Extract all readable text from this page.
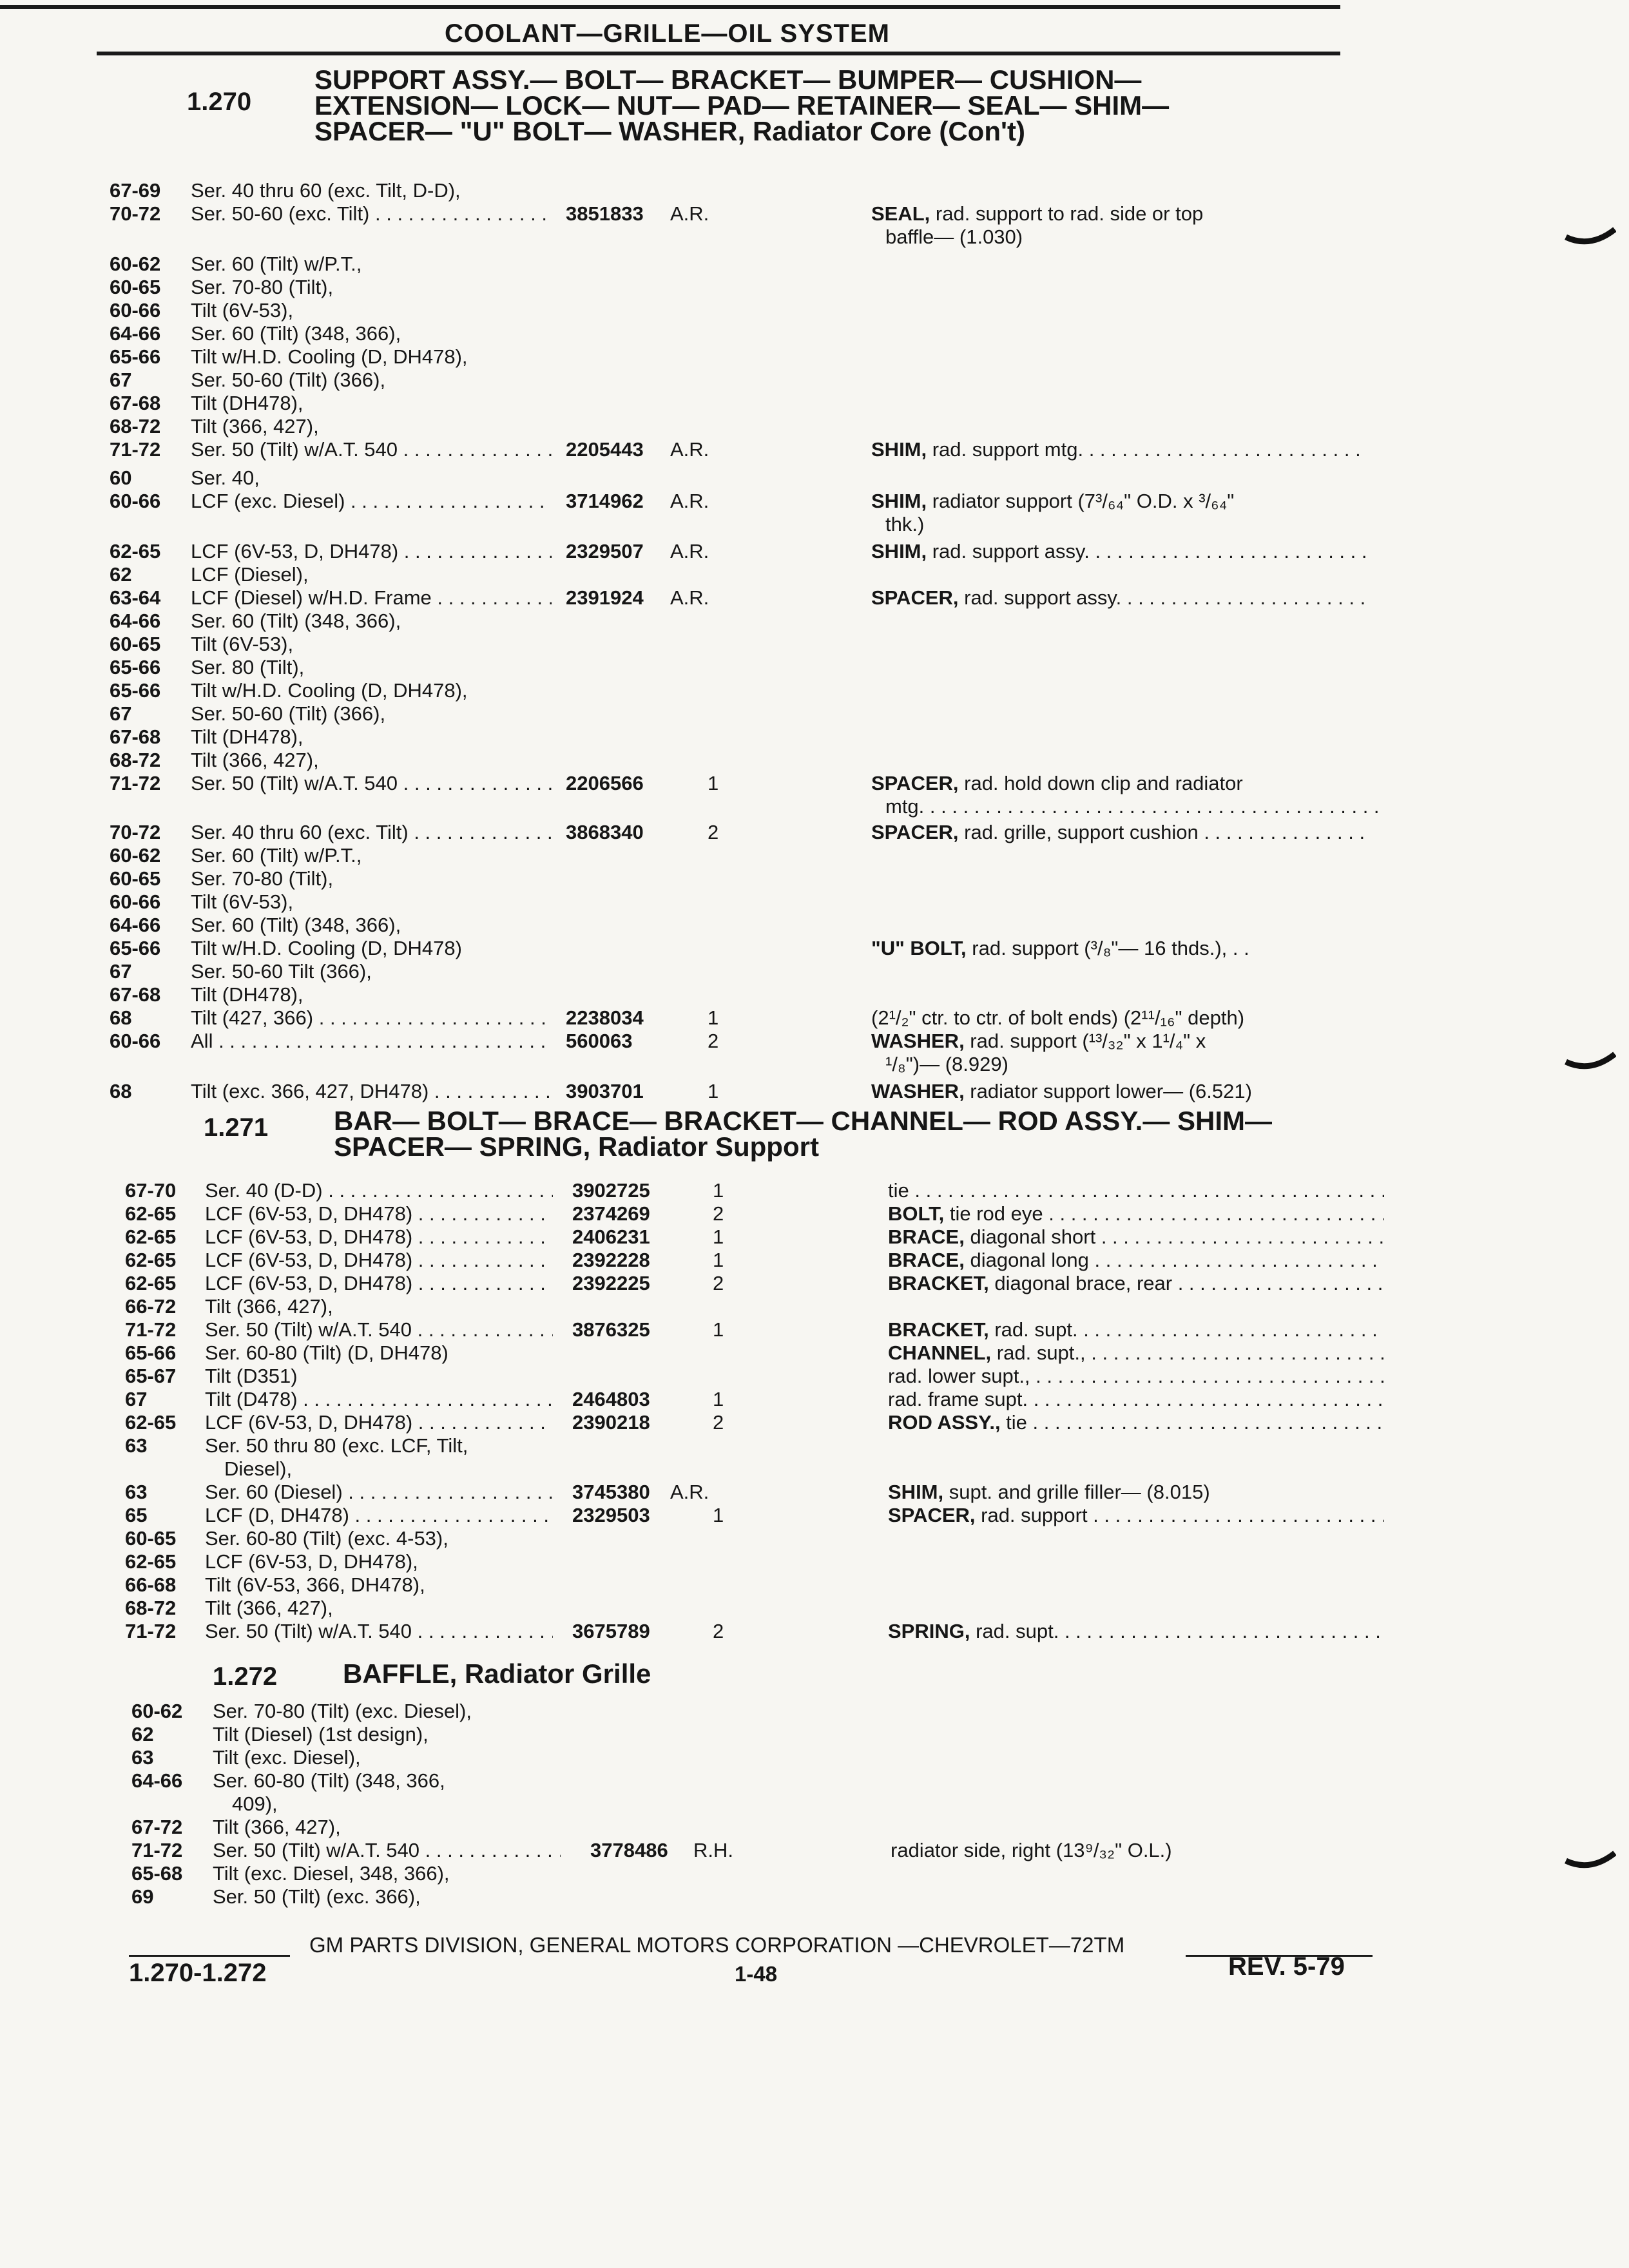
COOLANT—GRILLE—OIL SYSTEM
1.270
SUPPORT ASSY.— BOLT— BRACKET— BUMPER— CUSHION—
EXTENSION— LOCK— NUT— PAD— RETAINER— SEAL— SHIM—
SPACER— "U" BOLT— WASHER, Radiator Core (Con't)
1.271 BAR— BOLT— BRACE— BRACKET— CHANNEL— ROD ASSY.— SHIM—
SPACER— SPRING, Radiator Support
1.272 BAFFLE, Radiator Grille
67-69	Ser. 40 thru 60 (exc. Tilt, D-D),
70-72	Ser. 50-60 (exc. Tilt) . . .	3851833	A.R.	SEAL, rad. support to rad. side or top
baffle— (1.030)
60-62	Ser. 60 (Tilt) w/P.T.,
60-65	Ser. 70-80 (Tilt),
60-66	Tilt (6V-53),
64-66	Ser. 60 (Tilt) (348, 366),
65-66	Tilt w/H.D. Cooling (D, DH478),
67	Ser. 50-60 (Tilt) (366),
67-68	Tilt (DH478),
68-72	Tilt (366, 427),
71-72	Ser. 50 (Tilt) w/A.T. 540 . . .	2205443	A.R.	SHIM, rad. support mtg. . . .
60	Ser. 40,
60-66	LCF (exc. Diesel) . . .	3714962	A.R.	SHIM, radiator support (7³/₆₄" O.D. x ³/₆₄"
thk.)
62-65	LCF (6V-53, D, DH478) . . .	2329507	A.R.	SHIM, rad. support assy. . . .
62	LCF (Diesel),
63-64	LCF (Diesel) w/H.D. Frame . . .	2391924	A.R.	SPACER, rad. support assy. . . .
64-66	Ser. 60 (Tilt) (348, 366),
60-65	Tilt (6V-53),
65-66	Ser. 80 (Tilt),
65-66	Tilt w/H.D. Cooling (D, DH478),
67	Ser. 50-60 (Tilt) (366),
67-68	Tilt (DH478),
68-72	Tilt (366, 427),
71-72	Ser. 50 (Tilt) w/A.T. 540 . . .	2206566	1	SPACER, rad. hold down clip and radiator
mtg. . . .
70-72	Ser. 40 thru 60 (exc. Tilt) . . .	3868340	2	SPACER, rad. grille, support cushion . . .
60-62	Ser. 60 (Tilt) w/P.T.,
60-65	Ser. 70-80 (Tilt),
60-66	Tilt (6V-53),
64-66	Ser. 60 (Tilt) (348, 366),
65-66	Tilt w/H.D. Cooling (D, DH478)	"U" BOLT, rad. support (³/₈"— 16 thds.), . .
67	Ser. 50-60 Tilt (366),
67-68	Tilt (DH478),
68	Tilt (427, 366) . . .	2238034	1	(2¹/₂" ctr. to ctr. of bolt ends) (2¹¹/₁₆" depth)
60-66	All . . .	560063	2	WASHER, rad. support (¹³/₃₂" x 1¹/₄" x
¹/₈")— (8.929)
68	Tilt (exc. 366, 427, DH478) . . .	3903701	1	WASHER, radiator support lower— (6.521)
67-70	Ser. 40 (D-D) . . .	3902725	1	tie . . .
62-65	LCF (6V-53, D, DH478) . . .	2374269	2	BOLT, tie rod eye . . .
62-65	LCF (6V-53, D, DH478) . . .	2406231	1	BRACE, diagonal short . . .
62-65	LCF (6V-53, D, DH478) . . .	2392228	1	BRACE, diagonal long . . .
62-65	LCF (6V-53, D, DH478) . . .	2392225	2	BRACKET, diagonal brace, rear . . .
66-72	Tilt (366, 427),
71-72	Ser. 50 (Tilt) w/A.T. 540 . . .	3876325	1	BRACKET, rad. supt. . . .
65-66	Ser. 60-80 (Tilt) (D, DH478)	CHANNEL, rad. supt., . . .
65-67	Tilt (D351)	rad. lower supt., . . .
67	Tilt (D478) . . .	2464803	1	rad. frame supt. . . .
62-65	LCF (6V-53, D, DH478) . . .	2390218	2	ROD ASSY., tie . . .
63	Ser. 50 thru 80 (exc. LCF, Tilt,
Diesel),
63	Ser. 60 (Diesel) . . .	3745380	A.R.	SHIM, supt. and grille filler— (8.015)
65	LCF (D, DH478) . . .	2329503	1	SPACER, rad. support . . .
60-65	Ser. 60-80 (Tilt) (exc. 4-53),
62-65	LCF (6V-53, D, DH478),
66-68	Tilt (6V-53, 366, DH478),
68-72	Tilt (366, 427),
71-72	Ser. 50 (Tilt) w/A.T. 540 . . .	3675789	2	SPRING, rad. supt. . . .
60-62	Ser. 70-80 (Tilt) (exc. Diesel),
62	Tilt (Diesel) (1st design),
63	Tilt (exc. Diesel),
64-66	Ser. 60-80 (Tilt) (348, 366,
409),
67-72	Tilt (366, 427),
71-72	Ser. 50 (Tilt) w/A.T. 540 . . .	3778486	R.H.	radiator side, right (13⁹/₃₂" O.L.)
65-68	Tilt (exc. Diesel, 348, 366),
69	Ser. 50 (Tilt) (exc. 366),
GM PARTS DIVISION, GENERAL MOTORS CORPORATION —CHEVROLET—72TM
1.270-1.272	1-48	REV. 5-79
